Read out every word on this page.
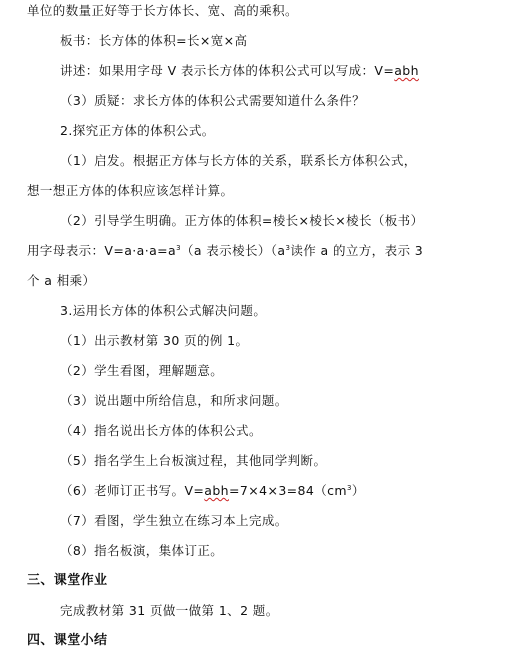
单位的数量正好等于长方体长、宽、高的乘积。
板书：长方体的体积=长×宽×高
讲述：如果用字母 V 表示长方体的体积公式可以写成：V=abh
（3）质疑：求长方体的体积公式需要知道什么条件？
2.探究正方体的体积公式。
（1）启发。根据正方体与长方体的关系，联系长方体积公式，
想一想正方体的体积应该怎样计算。
（2）引导学生明确。正方体的体积=棱长×棱长×棱长（板书）
用字母表示：$V=a\cdot a\cdot a=a^3(a$ 表示棱长）（$a^3$读作 a 的立方，表示 3
个 a 相乘）
3.运用长方体的体积公式解决问题。
（1）出示教材第 30 页的例 1。
（2）学生看图，理解题意。
（3）说出题中所给信息，和所求问题。
（4）指名说出长方体的体积公式。
（5）指名学生上台板演过程，其他同学判断。
（6）老师订正书写。$V=abh=7\times 4\times 3=84(cm^3)$
（7）看图，学生独立在练习本上完成。
（8）指名板演，集体订正。
三、课堂作业
完成教材第 31 页做一做第 1、2 题。
四、课堂小结
